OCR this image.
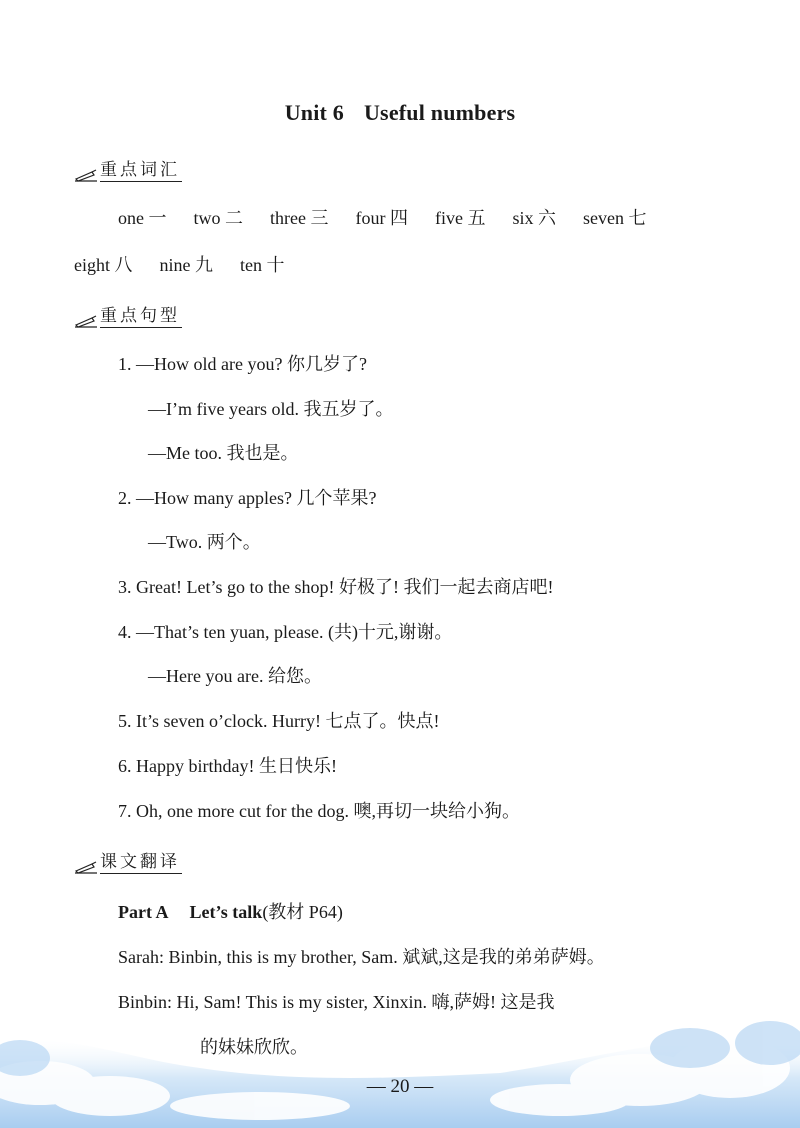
Unit 6 Useful numbers
重点词汇
one 一 two 二 three 三 four 四 five 五 six 六 seven 七
eight 八 nine 九 ten 十
重点句型
1. —How old are you? 你几岁了?
—I’m five years old. 我五岁了。
—Me too. 我也是。
2. —How many apples? 几个苹果?
—Two. 两个。
3. Great! Let’s go to the shop! 好极了! 我们一起去商店吧!
4. —That’s ten yuan, please. (共)十元,谢谢。
—Here you are. 给您。
5. It’s seven o’clock. Hurry! 七点了。快点!
6. Happy birthday! 生日快乐!
7. Oh, one more cut for the dog. 噢,再切一块给小狗。
课文翻译
Part A Let’s talk(教材 P64)
Sarah: Binbin, this is my brother, Sam. 斌斌,这是我的弟弟萨姆。
Binbin: Hi, Sam! This is my sister, Xinxin. 嗨,萨姆! 这是我
的妹妹欣欣。
— 20 —
